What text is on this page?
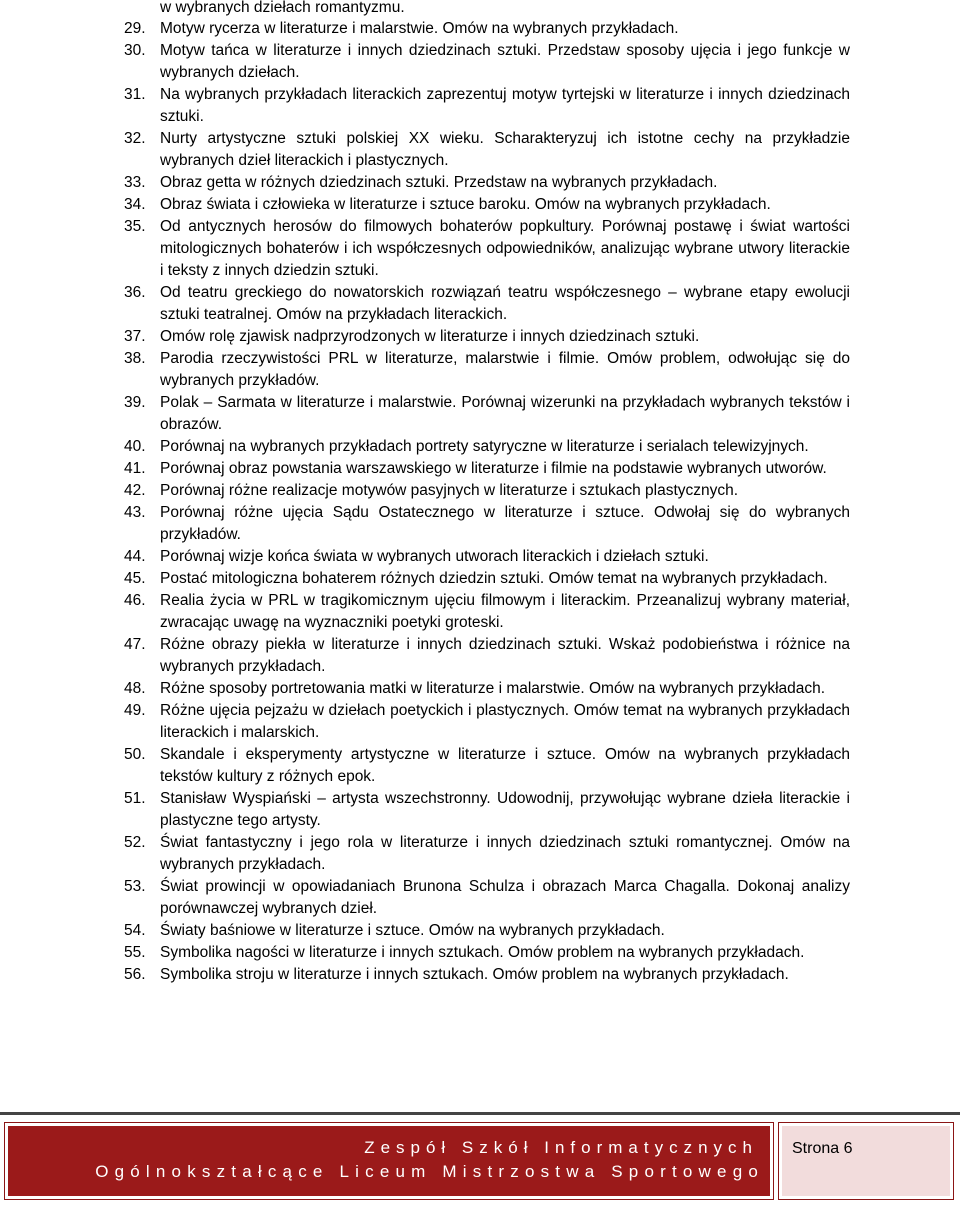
w wybranych dziełach romantyzmu.
29. Motyw rycerza w literaturze i malarstwie. Omów na wybranych przykładach.
30. Motyw tańca w literaturze i innych dziedzinach sztuki. Przedstaw sposoby ujęcia i jego funkcje w wybranych dziełach.
31. Na wybranych przykładach literackich zaprezentuj motyw tyrtejski w literaturze i innych dziedzinach sztuki.
32. Nurty artystyczne sztuki polskiej XX wieku. Scharakteryzuj ich istotne cechy na przykładzie wybranych dzieł literackich i plastycznych.
33. Obraz getta w różnych dziedzinach sztuki. Przedstaw na wybranych przykładach.
34. Obraz świata i człowieka w literaturze i sztuce baroku. Omów na wybranych przykładach.
35. Od antycznych herosów do filmowych bohaterów popkultury. Porównaj postawę i świat wartości mitologicznych bohaterów i ich współczesnych odpowiedników, analizując wybrane utwory literackie i teksty z innych dziedzin sztuki.
36. Od teatru greckiego do nowatorskich rozwiązań teatru współczesnego – wybrane etapy ewolucji sztuki teatralnej. Omów na przykładach literackich.
37. Omów rolę zjawisk nadprzyrodzonych w literaturze i innych dziedzinach sztuki.
38. Parodia rzeczywistości PRL w literaturze, malarstwie i filmie. Omów problem, odwołując się do wybranych przykładów.
39. Polak – Sarmata w literaturze i malarstwie. Porównaj wizerunki na przykładach wybranych tekstów i obrazów.
40. Porównaj na wybranych przykładach portrety satyryczne w literaturze i serialach telewizyjnych.
41. Porównaj obraz powstania warszawskiego w literaturze i filmie na podstawie wybranych utworów.
42. Porównaj różne realizacje motywów pasyjnych w literaturze i sztukach plastycznych.
43. Porównaj różne ujęcia Sądu Ostatecznego w literaturze i sztuce. Odwołaj się do wybranych przykładów.
44. Porównaj wizje końca świata w wybranych utworach literackich i dziełach sztuki.
45. Postać mitologiczna bohaterem różnych dziedzin sztuki. Omów temat na wybranych przykładach.
46. Realia życia w PRL w tragikomicznym ujęciu filmowym i literackim. Przeanalizuj wybrany materiał, zwracając uwagę na wyznaczniki poetyki groteski.
47. Różne obrazy piekła w literaturze i innych dziedzinach sztuki. Wskaż podobieństwa i różnice na wybranych przykładach.
48. Różne sposoby portretowania matki w literaturze i malarstwie. Omów na wybranych przykładach.
49. Różne ujęcia pejzażu w dziełach poetyckich i plastycznych. Omów temat na wybranych przykładach literackich i malarskich.
50. Skandale i eksperymenty artystyczne w literaturze i sztuce. Omów na wybranych przykładach tekstów kultury z różnych epok.
51. Stanisław Wyspiański – artysta wszechstronny. Udowodnij, przywołując wybrane dzieła literackie i plastyczne tego artysty.
52. Świat fantastyczny i jego rola w literaturze i innych dziedzinach sztuki romantycznej. Omów na wybranych przykładach.
53. Świat prowincji w opowiadaniach Brunona Schulza i obrazach Marca Chagalla. Dokonaj analizy porównawczej wybranych dzieł.
54. Światy baśniowe w literaturze i sztuce. Omów na wybranych przykładach.
55. Symbolika nagości w literaturze i innych sztukach. Omów problem na wybranych przykładach.
56. Symbolika stroju w literaturze i innych sztukach. Omów problem na wybranych przykładach.
Zespół Szkół Informatycznych
Ogólnokształcące Liceum Mistrzostwa Sportowego
Strona 6
